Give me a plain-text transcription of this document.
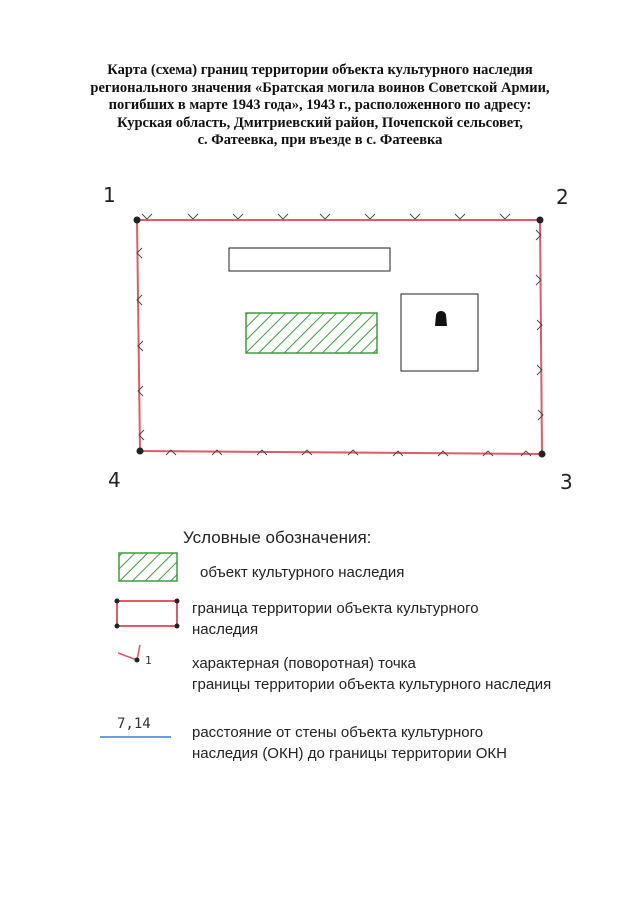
Карта (схема) границ территории объекта культурного наследия
регионального значения «Братская могила воинов Советской Армии,
погибших в марте 1943 года», 1943 г., расположенного по адресу:
Курская область, Дмитриевский район, Почепской сельсовет,
с. Фатеевка, при въезде в с. Фатеевка
1	2
3
4
Условные обозначения:
объект культурного наследия
граница территории объекта культурного
наследия
1	характерная (поворотная) точка
границы территории объекта культурного наследия
7,14	расстояние от стены объекта культурного
наследия (ОКН) до границы территории ОКН
